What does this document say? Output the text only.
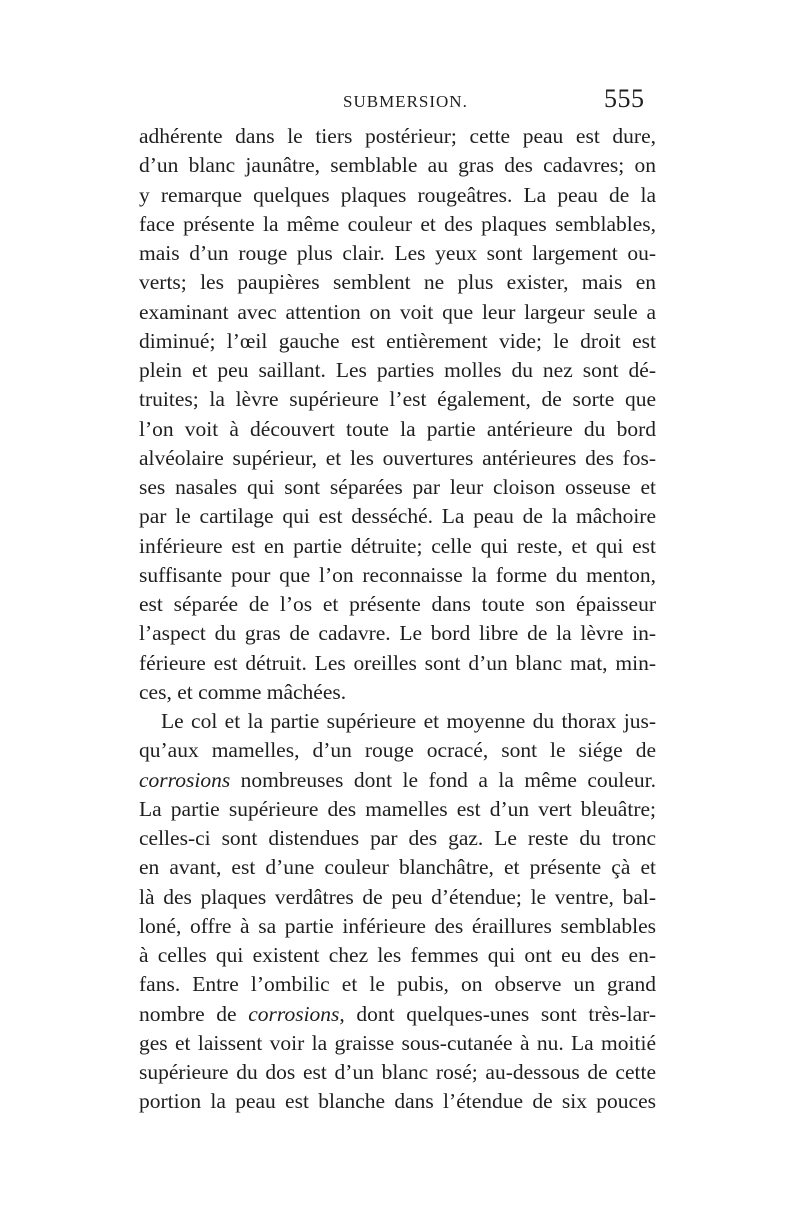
SUBMERSION.	555
adhérente dans le tiers postérieur; cette peau est dure,
d’un blanc jaunâtre, semblable au gras des cadavres; on
y remarque quelques plaques rougeâtres. La peau de la
face présente la même couleur et des plaques semblables,
mais d’un rouge plus clair. Les yeux sont largement ou-
verts; les paupières semblent ne plus exister, mais en
examinant avec attention on voit que leur largeur seule a
diminué; l’œil gauche est entièrement vide; le droit est
plein et peu saillant. Les parties molles du nez sont dé-
truites; la lèvre supérieure l’est également, de sorte que
l’on voit à découvert toute la partie antérieure du bord
alvéolaire supérieur, et les ouvertures antérieures des fos-
ses nasales qui sont séparées par leur cloison osseuse et
par le cartilage qui est desséché. La peau de la mâchoire
inférieure est en partie détruite; celle qui reste, et qui est
suffisante pour que l’on reconnaisse la forme du menton,
est séparée de l’os et présente dans toute son épaisseur
l’aspect du gras de cadavre. Le bord libre de la lèvre in-
férieure est détruit. Les oreilles sont d’un blanc mat, min-
ces, et comme mâchées.
Le col et la partie supérieure et moyenne du thorax jus-
qu’aux mamelles, d’un rouge ocracé, sont le siége de
corrosions nombreuses dont le fond a la même couleur.
La partie supérieure des mamelles est d’un vert bleuâtre;
celles-ci sont distendues par des gaz. Le reste du tronc
en avant, est d’une couleur blanchâtre, et présente çà et
là des plaques verdâtres de peu d’étendue; le ventre, bal-
loné, offre à sa partie inférieure des éraillures semblables
à celles qui existent chez les femmes qui ont eu des en-
fans. Entre l’ombilic et le pubis, on observe un grand
nombre de corrosions, dont quelques-unes sont très-lar-
ges et laissent voir la graisse sous-cutanée à nu. La moitié
supérieure du dos est d’un blanc rosé; au-dessous de cette
portion la peau est blanche dans l’étendue de six pouces
